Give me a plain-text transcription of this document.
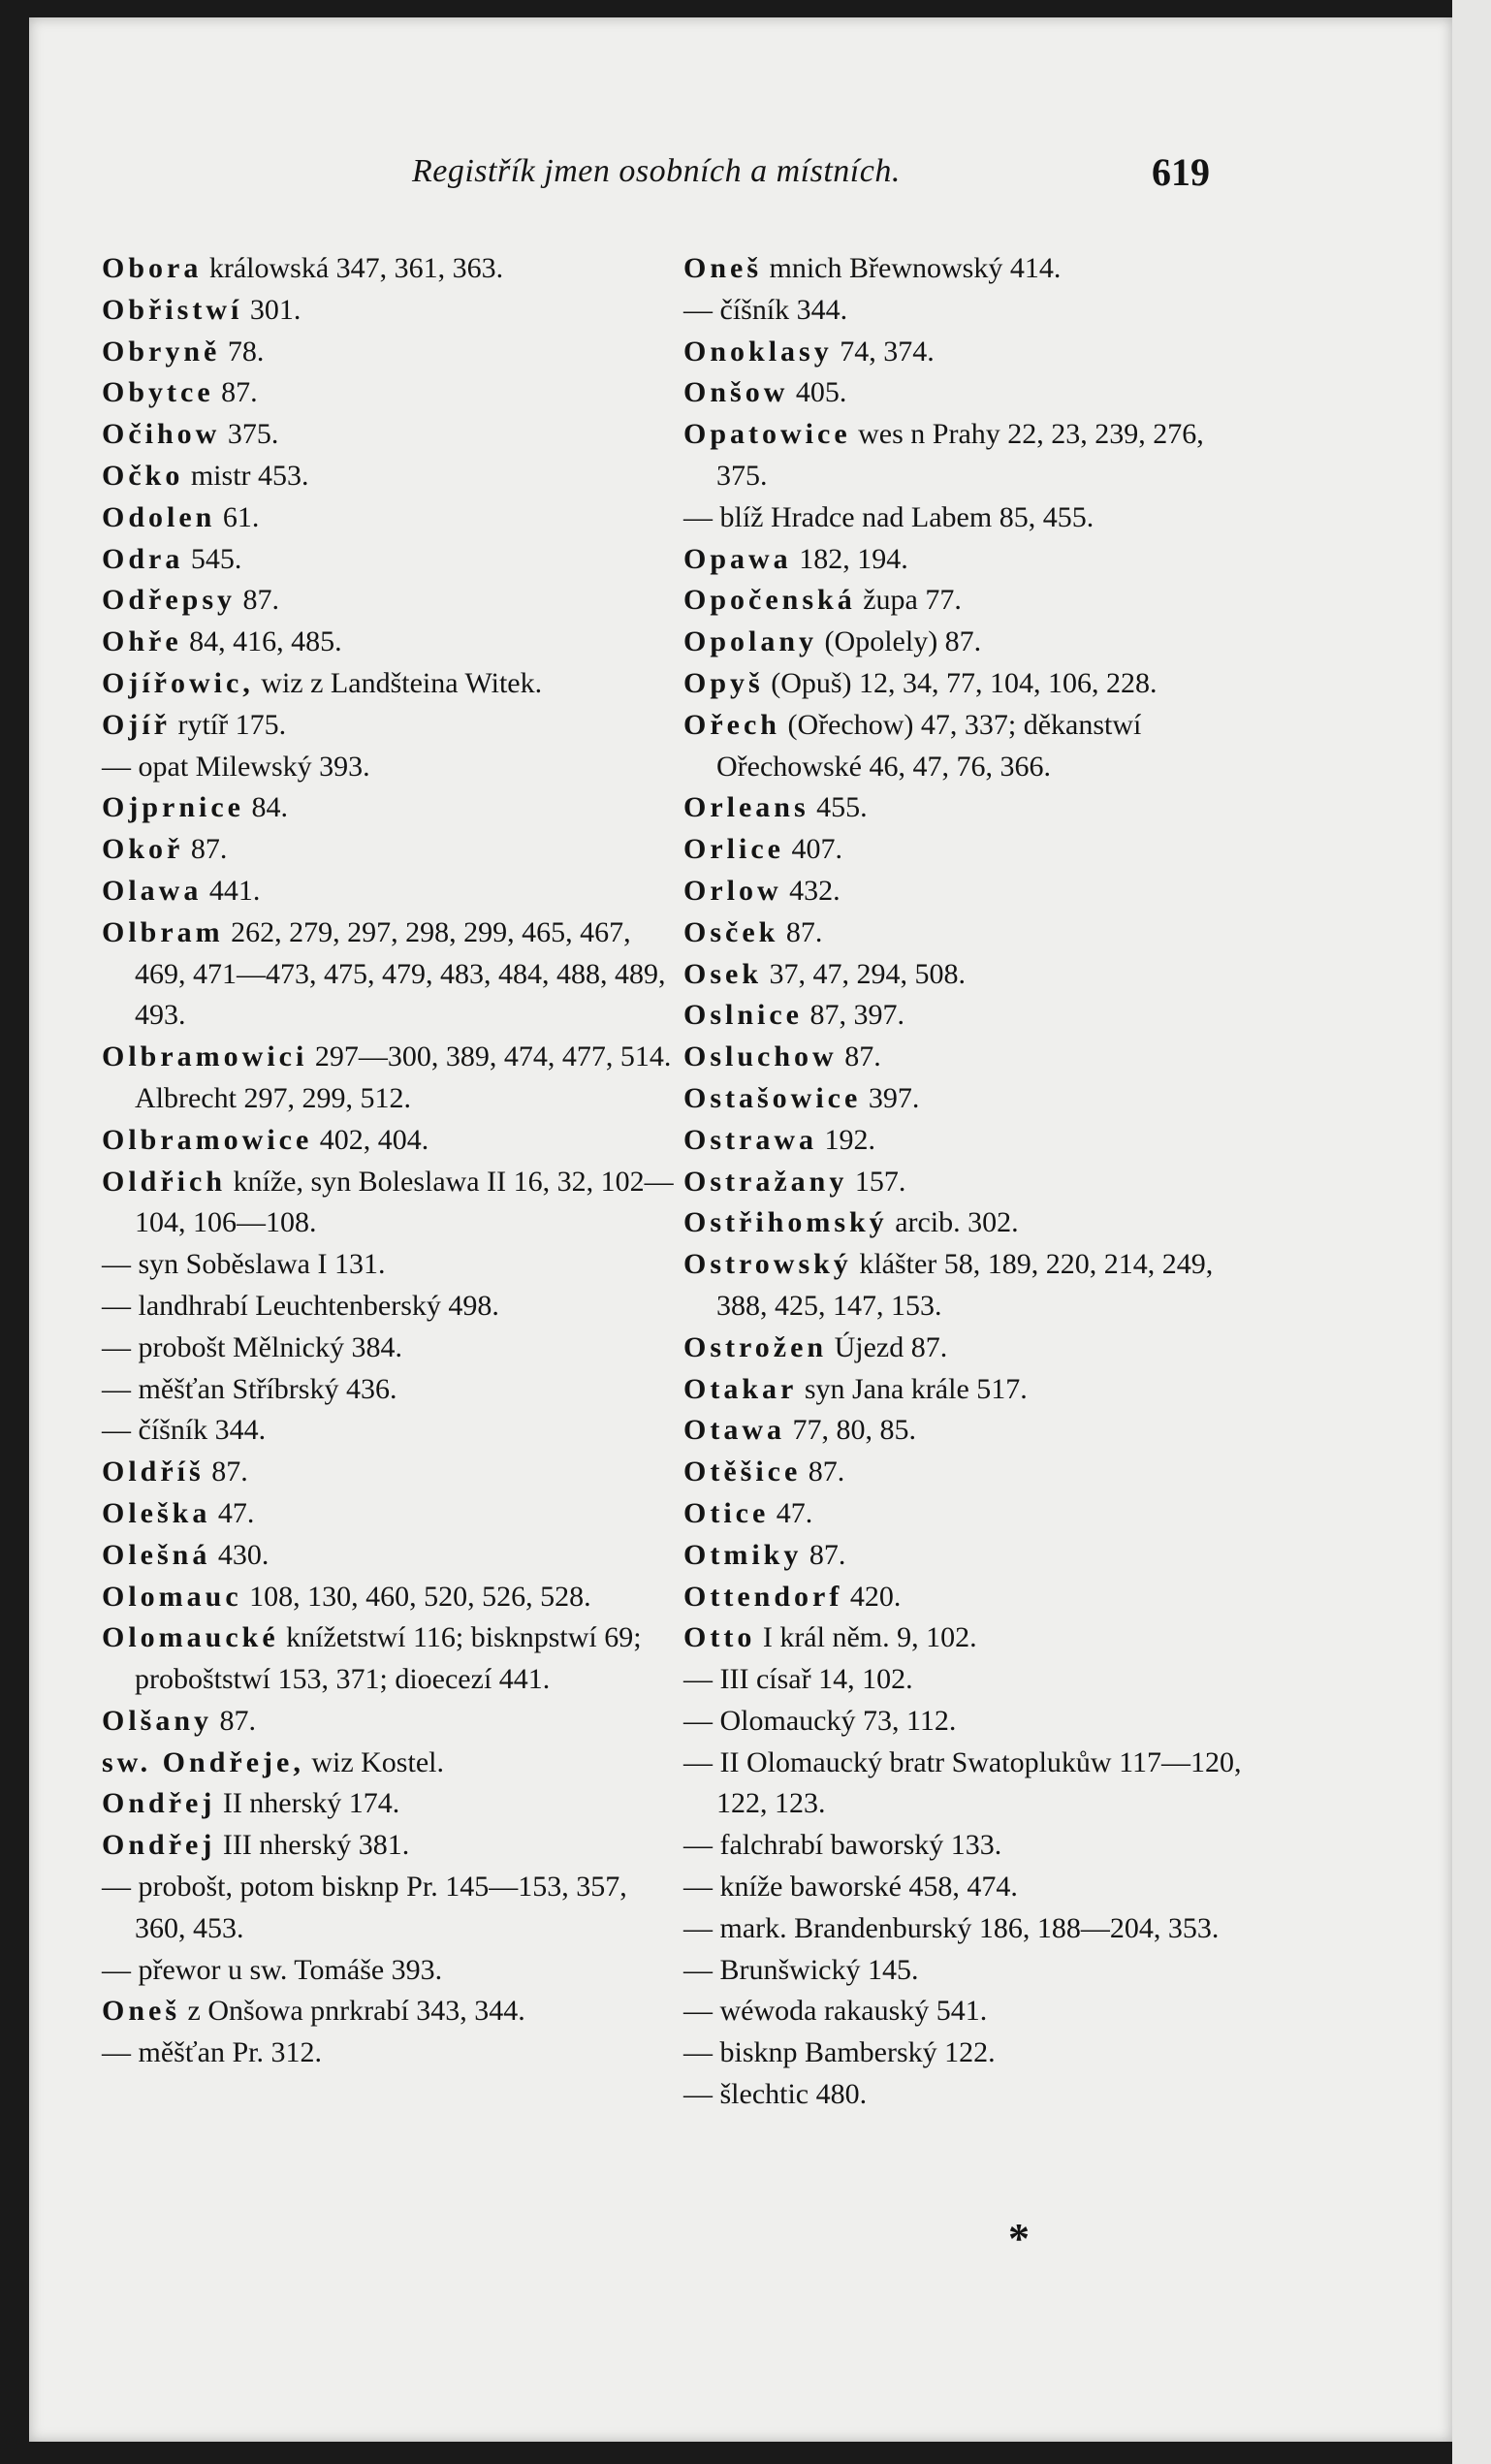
Registřík jmen osobních a místních.	619
Obora králowská 347, 361, 363.
Obřistwí 301.
Obryně 78.
Obytce 87.
Očihow 375.
Očko mistr 453.
Odolen 61.
Odra 545.
Odřepsy 87.
Ohře 84, 416, 485.
Ojířowic, wiz z Landšteina Witek.
Ojíř rytíř 175.
— opat Milewský 393.
Ojprnice 84.
Okoř 87.
Olawa 441.
Olbram 262, 279, 297, 298, 299, 465, 467, 469, 471—473, 475, 479, 483, 484, 488, 489, 493.
Olbramowici 297—300, 389, 474, 477, 514. Albrecht 297, 299, 512.
Olbramowice 402, 404.
Oldřich kníže, syn Boleslawa II 16, 32, 102—104, 106—108.
— syn Soběslawa I 131.
— landhrabí Leuchtenberský 498.
— probošt Mělnický 384.
— měšťan Stříbrský 436.
— číšník 344.
Oldříš 87.
Oleška 47.
Olešná 430.
Olomauc 108, 130, 460, 520, 526, 528.
Olomaucké knížetstwí 116; bisknpstwí 69; proboštstwí 153, 371; dioecezí 441.
Olšany 87.
sw. Ondřeje, wiz Kostel.
Ondřej II nherský 174.
Ondřej III nherský 381.
— probošt, potom bisknp Pr. 145—153, 357, 360, 453.
— přewor u sw. Tomáše 393.
Oneš z Onšowa pnrkrabí 343, 344.
— měšťan Pr. 312.
Oneš mnich Břewnowský 414.
— číšník 344.
Onoklasy 74, 374.
Onšow 405.
Opatowice wes n Prahy 22, 23, 239, 276, 375.
— blíž Hradce nad Labem 85, 455.
Opawa 182, 194.
Opočenská župa 77.
Opolany (Opolely) 87.
Opyš (Opuš) 12, 34, 77, 104, 106, 228.
Ořech (Ořechow) 47, 337; děkanstwí Ořechowské 46, 47, 76, 366.
Orleans 455.
Orlice 407.
Orlow 432.
Osček 87.
Osek 37, 47, 294, 508.
Oslnice 87, 397.
Osluchow 87.
Ostašowice 397.
Ostrawa 192.
Ostražany 157.
Ostřihomský arcib. 302.
Ostrowský klášter 58, 189, 220, 214, 249, 388, 425, 147, 153.
Ostrožen Újezd 87.
Otakar syn Jana krále 517.
Otawa 77, 80, 85.
Otěšice 87.
Otice 47.
Otmiky 87.
Ottendorf 420.
Otto I král něm. 9, 102.
— III císař 14, 102.
— Olomaucký 73, 112.
— II Olomaucký bratr Swatoplukůw 117—120, 122, 123.
— falchrabí baworský 133.
— kníže baworské 458, 474.
— mark. Brandenburský 186, 188—204, 353.
— Brunšwický 145.
— wéwoda rakauský 541.
— bisknp Bamberský 122.
— šlechtic 480.
*
